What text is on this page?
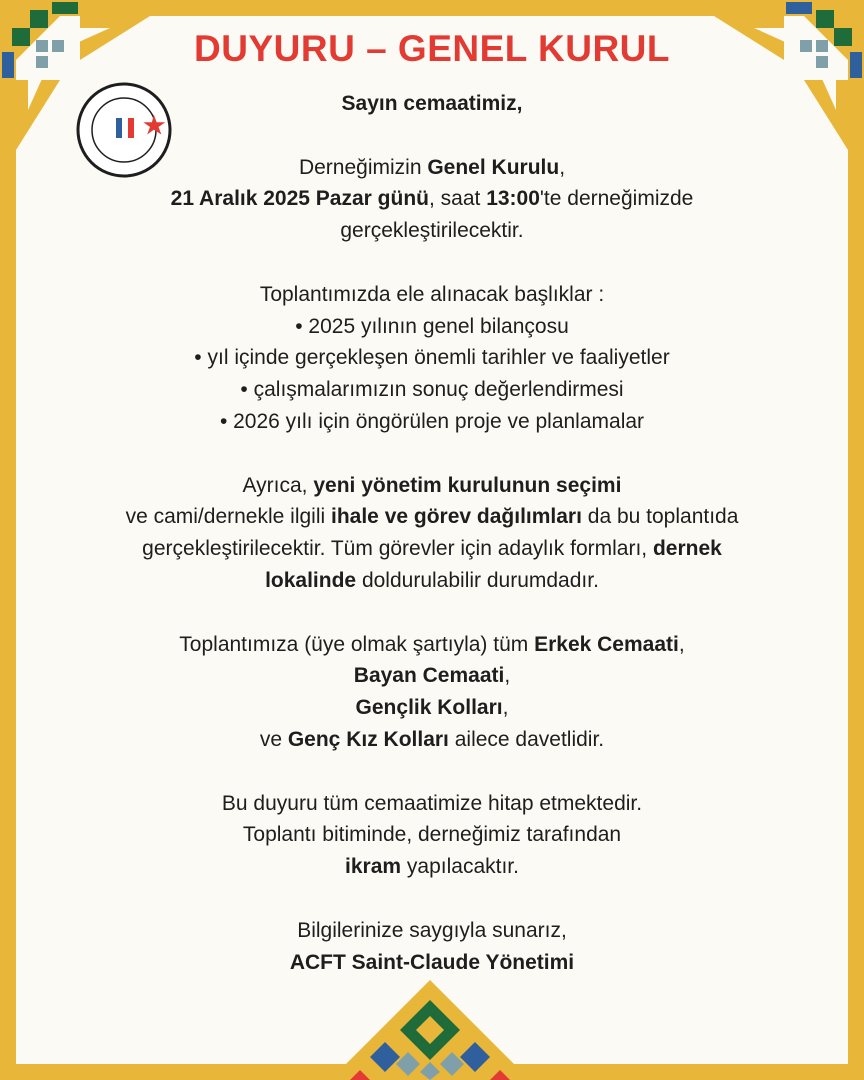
DUYURU – GENEL KURUL

Sayın cemaatimiz,

Derneğimizin Genel Kurulu,

21 Aralık 2025 Pazar günü, saat 13:00'te derneğimizde

gerçekleştirilecektir.

Toplantımızda ele alınacak başlıklar :

• 2025 yılının genel bilançosu

• yıl içinde gerçekleşen önemli tarihler ve faaliyetler

• çalışmalarımızın sonuç değerlendirmesi

• 2026 yılı için öngörülen proje ve planlamalar

Ayrıca, yeni yönetim kurulunun seçimi

ve cami/dernekle ilgili ihale ve görev dağılımları da bu toplantıda

gerçekleştirilecektir. Tüm görevler için adaylık formları, dernek

lokalinde doldurulabilir durumdadır.

Toplantımıza (üye olmak şartıyla) tüm Erkek Cemaati,

Bayan Cemaati,

Gençlik Kolları,

ve Genç Kız Kolları ailece davetlidir.

Bu duyuru tüm cemaatimize hitap etmektedir.

Toplantı bitiminde, derneğimiz tarafından

ikram yapılacaktır.

Bilgilerinize saygıyla sunarız,

ACFT Saint-Claude Yönetimi
